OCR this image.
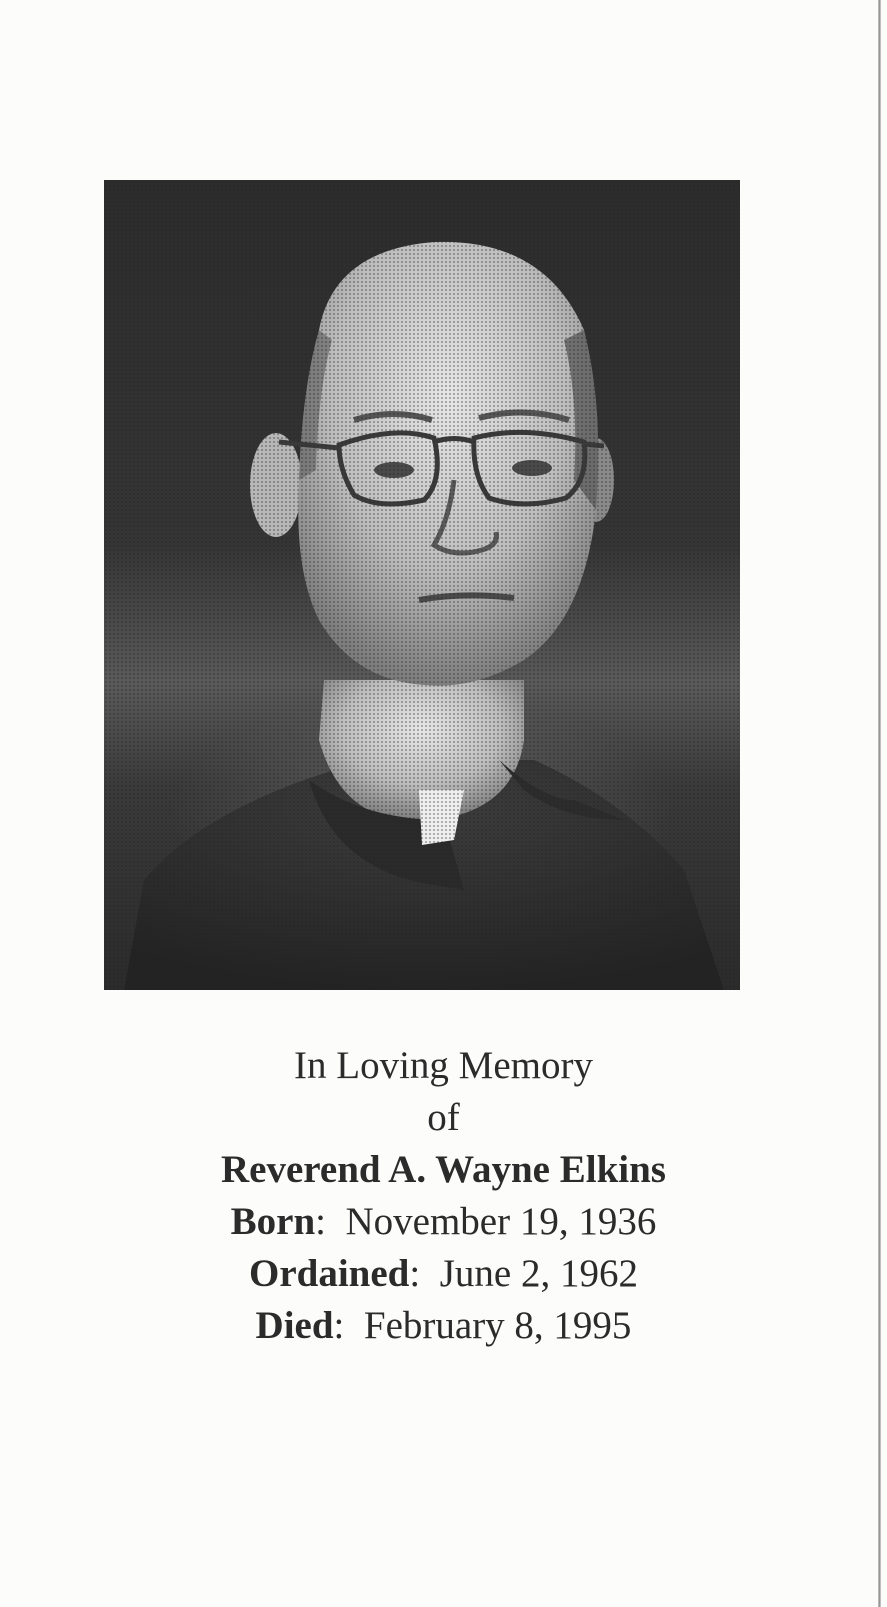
In Loving Memory
of
Reverend A. Wayne Elkins
Born:  November 19, 1936
Ordained:  June 2, 1962
Died:  February 8, 1995
